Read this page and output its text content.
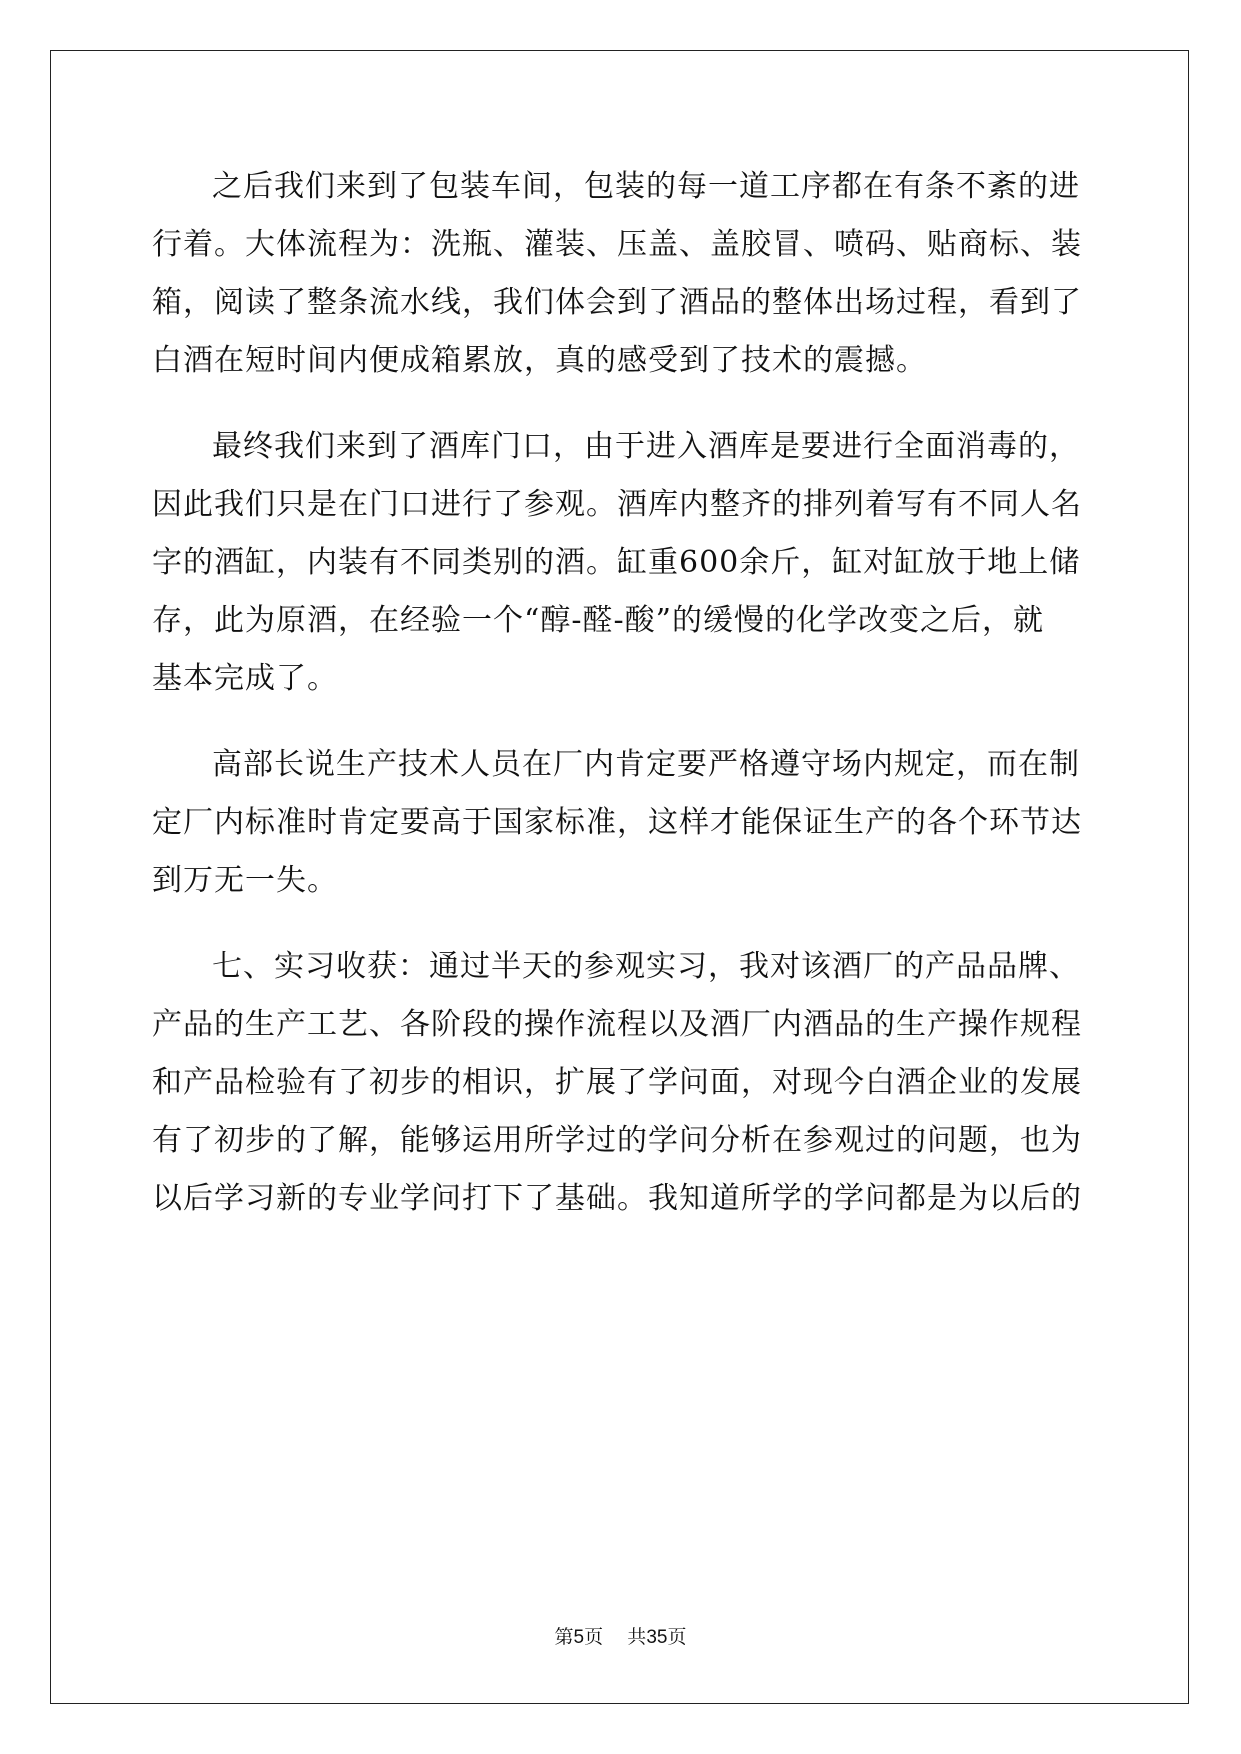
之后我们来到了包装车间，包装的每一道工序都在有条不紊的进
行着。大体流程为：洗瓶、灌装、压盖、盖胶冒、喷码、贴商标、装
箱，阅读了整条流水线，我们体会到了酒品的整体出场过程，看到了
白酒在短时间内便成箱累放，真的感受到了技术的震撼。

最终我们来到了酒库门口，由于进入酒库是要进行全面消毒的，
因此我们只是在门口进行了参观。酒库内整齐的排列着写有不同人名
字的酒缸，内装有不同类别的酒。缸重600余斤，缸对缸放于地上储
存，此为原酒，在经验一个“醇-醛-酸”的缓慢的化学改变之后，就
基本完成了。

高部长说生产技术人员在厂内肯定要严格遵守场内规定，而在制
定厂内标准时肯定要高于国家标准，这样才能保证生产的各个环节达
到万无一失。

七、实习收获：通过半天的参观实习，我对该酒厂的产品品牌、
产品的生产工艺、各阶段的操作流程以及酒厂内酒品的生产操作规程
和产品检验有了初步的相识，扩展了学问面，对现今白酒企业的发展
有了初步的了解，能够运用所学过的学问分析在参观过的问题，也为
以后学习新的专业学问打下了基础。我知道所学的学问都是为以后的

第5页 共35页
